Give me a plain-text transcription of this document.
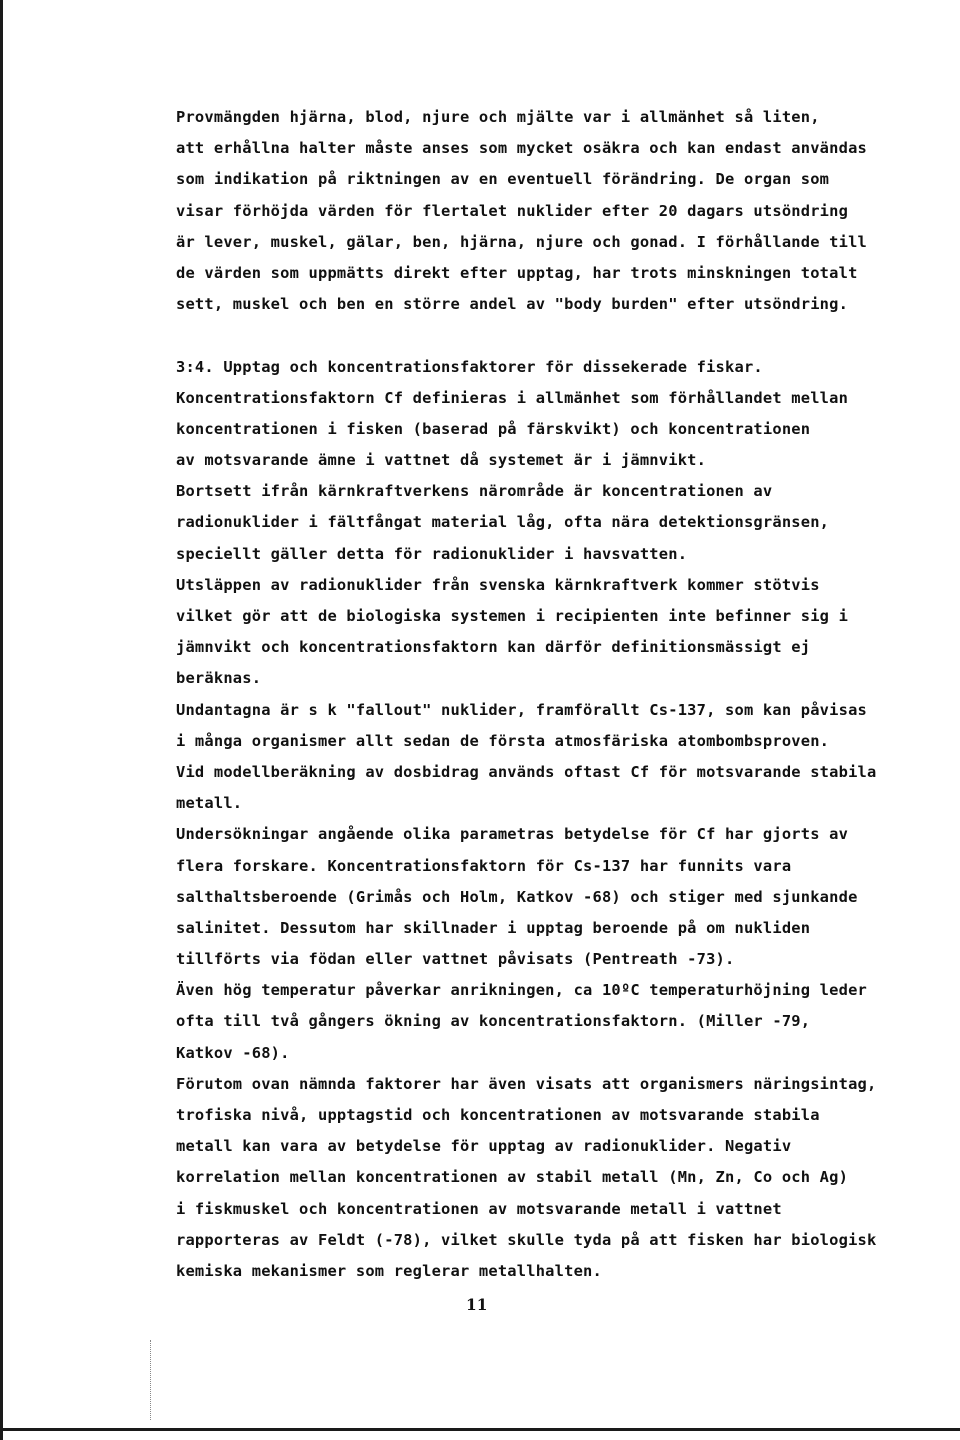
Provmängden hjärna, blod, njure och mjälte var i allmänhet så liten,
att erhållna halter måste anses som mycket osäkra och kan endast användas
som indikation på riktningen av en eventuell förändring. De organ som
visar förhöjda värden för flertalet nuklider efter 20 dagars utsöndring
är lever, muskel, gälar, ben, hjärna, njure och gonad. I förhållande till
de värden som uppmätts direkt efter upptag, har trots minskningen totalt
sett, muskel och ben en större andel av "body burden" efter utsöndring.
3:4. Upptag och koncentrationsfaktorer för dissekerade fiskar.
Koncentrationsfaktorn Cf definieras i allmänhet som förhållandet mellan
koncentrationen i fisken (baserad på färskvikt) och koncentrationen
av motsvarande ämne i vattnet då systemet är i jämnvikt.
Bortsett ifrån kärnkraftverkens närområde är koncentrationen av
radionuklider i fältfångat material låg, ofta nära detektionsgränsen,
speciellt gäller detta för radionuklider i havsvatten.
Utsläppen av radionuklider från svenska kärnkraftverk kommer stötvis
vilket gör att de biologiska systemen i recipienten inte befinner sig i
jämnvikt och koncentrationsfaktorn kan därför definitionsmässigt ej
beräknas.
Undantagna är s k "fallout" nuklider, framförallt Cs-137, som kan påvisas
i många organismer allt sedan de första atmosfäriska atombombsproven.
Vid modellberäkning av dosbidrag används oftast Cf för motsvarande stabila
metall.
Undersökningar angående olika parametras betydelse för Cf har gjorts av
flera forskare. Koncentrationsfaktorn för Cs-137 har funnits vara
salthaltsberoende (Grimås och Holm, Katkov -68) och stiger med sjunkande
salinitet. Dessutom har skillnader i upptag beroende på om nukliden
tillförts via födan eller vattnet påvisats (Pentreath -73).
Även hög temperatur påverkar anrikningen, ca 10ºC temperaturhöjning leder
ofta till två gångers ökning av koncentrationsfaktorn. (Miller -79,
Katkov -68).
Förutom ovan nämnda faktorer har även visats att organismers näringsintag,
trofiska nivå, upptagstid och koncentrationen av motsvarande stabila
metall kan vara av betydelse för upptag av radionuklider. Negativ
korrelation mellan koncentrationen av stabil metall (Mn, Zn, Co och Ag)
i fiskmuskel och koncentrationen av motsvarande metall i vattnet
rapporteras av Feldt (-78), vilket skulle tyda på att fisken har biologisk
kemiska mekanismer som reglerar metallhalten.
11
